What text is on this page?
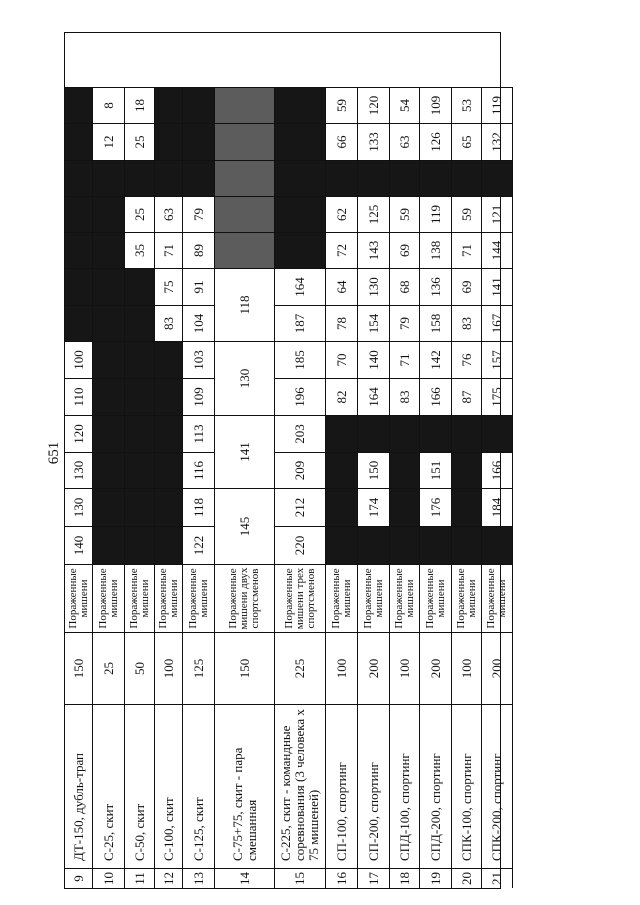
651
9
ДТ-150, дубль-трап
150
Пораженные мишени
140
130
130
120
110
100
10
С-25, скит
25
Пораженные мишени
12
8
11
С-50, скит
50
Пораженные мишени
35
25
25
18
12
С-100, скит
100
Пораженные мишени
83
75
71
63
13
С-125, скит
125
Пораженные мишени
122
118
116
113
109
103
104
91
89
79
14
С-75+75, скит - пара смешанная
150
Пораженные мишени двух спортсменов
145
141
130
118
15
С-225, скит - командные соревнования (3 человека х 75 мишеней)
225
Пораженные мишени трех спортсменов
220
212
209
203
196
185
187
164
16
СП-100, спортинг
100
Пораженные мишени
82
70
78
64
72
62
66
59
17
СП-200, спортинг
200
Пораженные мишени
174
150
164
140
154
130
143
125
133
120
18
СПД-100, спортинг
100
Пораженные мишени
83
71
79
68
69
59
63
54
19
СПД-200, спортинг
200
Пораженные мишени
176
151
166
142
158
136
138
119
126
109
20
СПК-100, спортинг
100
Пораженные мишени
87
76
83
69
71
59
65
53
21
СПК-200, спортинг
200
Пораженные мишени
184
166
175
157
167
141
144
121
132
119
